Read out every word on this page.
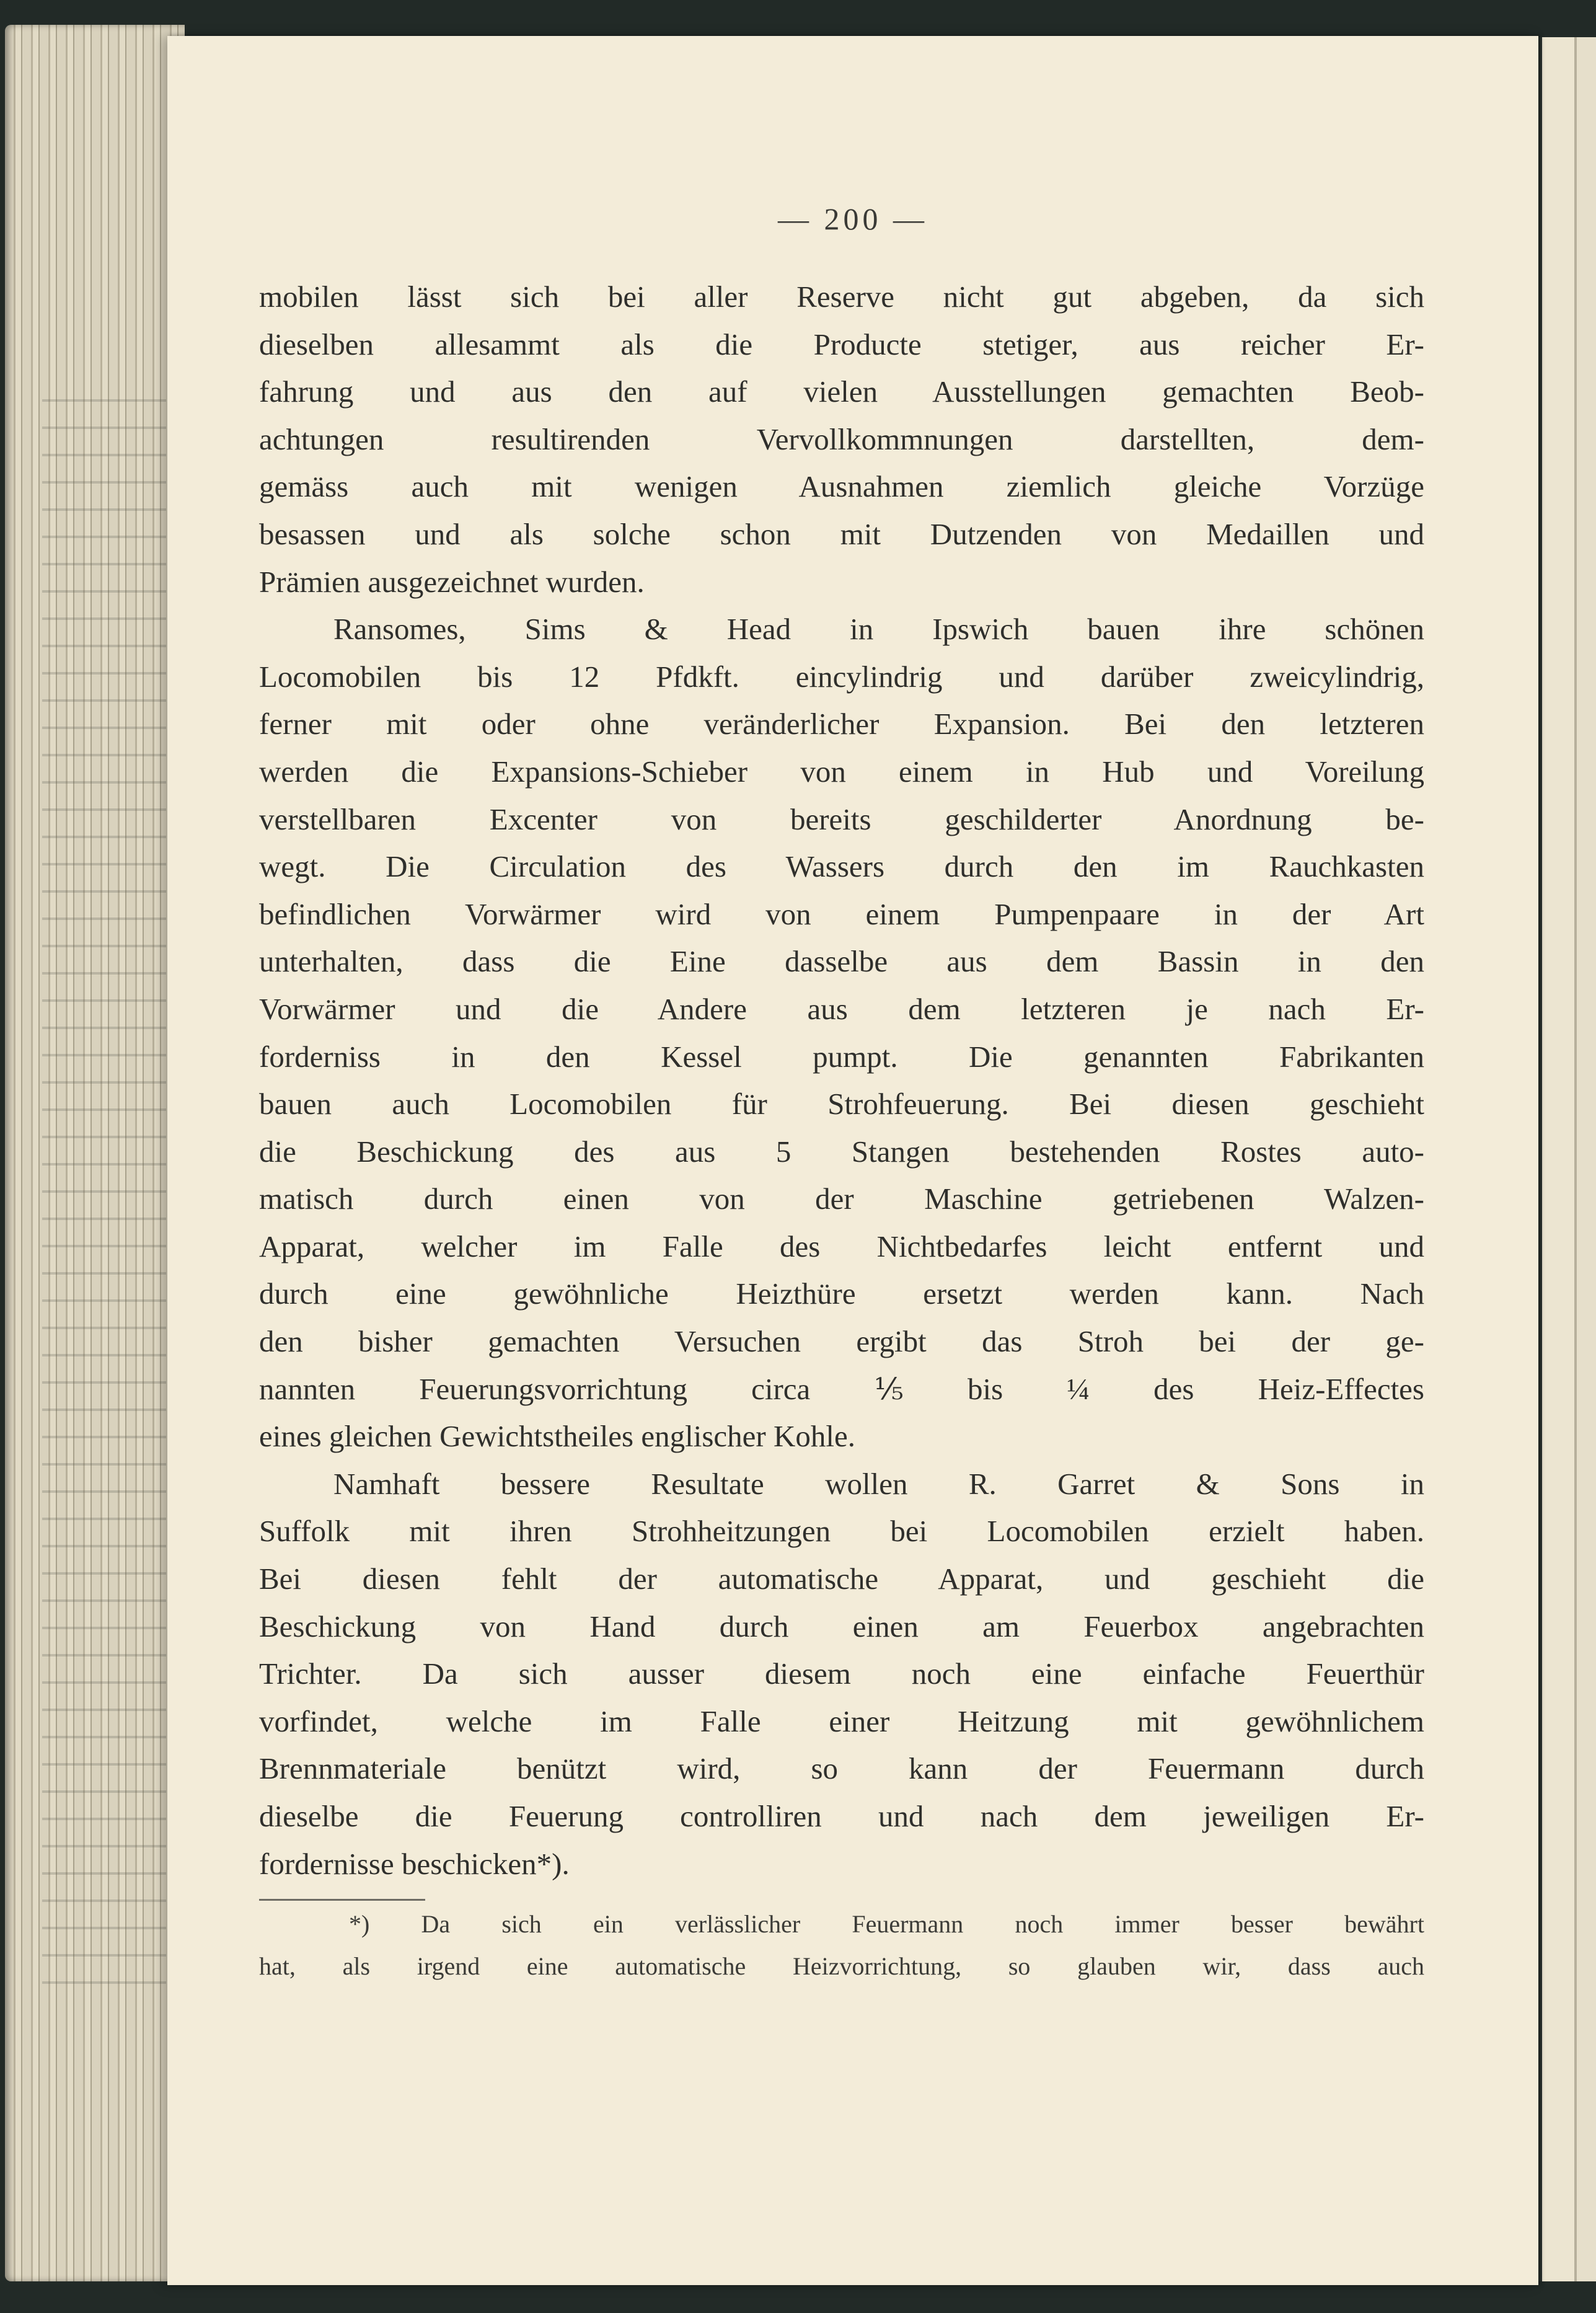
— 200 —
mobilen lässt sich bei aller Reserve nicht gut abgeben, da sich
dieselben allesammt als die Producte stetiger, aus reicher Er-
fahrung und aus den auf vielen Ausstellungen gemachten Beob-
achtungen resultirenden Vervollkommnungen darstellten, dem-
gemäss auch mit wenigen Ausnahmen ziemlich gleiche Vorzüge
besassen und als solche schon mit Dutzenden von Medaillen und
Prämien ausgezeichnet wurden.
Ransomes, Sims & Head in Ipswich bauen ihre schönen
Locomobilen bis 12 Pfdkft. eincylindrig und darüber zweicylindrig,
ferner mit oder ohne veränderlicher Expansion. Bei den letzteren
werden die Expansions-Schieber von einem in Hub und Voreilung
verstellbaren Excenter von bereits geschilderter Anordnung be-
wegt. Die Circulation des Wassers durch den im Rauchkasten
befindlichen Vorwärmer wird von einem Pumpenpaare in der Art
unterhalten, dass die Eine dasselbe aus dem Bassin in den
Vorwärmer und die Andere aus dem letzteren je nach Er-
forderniss in den Kessel pumpt. Die genannten Fabrikanten
bauen auch Locomobilen für Strohfeuerung. Bei diesen geschieht
die Beschickung des aus 5 Stangen bestehenden Rostes auto-
matisch durch einen von der Maschine getriebenen Walzen-
Apparat, welcher im Falle des Nichtbedarfes leicht entfernt und
durch eine gewöhnliche Heizthüre ersetzt werden kann. Nach
den bisher gemachten Versuchen ergibt das Stroh bei der ge-
nannten Feuerungsvorrichtung circa ⅕ bis ¼ des Heiz-Effectes
eines gleichen Gewichtstheiles englischer Kohle.
Namhaft bessere Resultate wollen R. Garret & Sons in
Suffolk mit ihren Strohheitzungen bei Locomobilen erzielt haben.
Bei diesen fehlt der automatische Apparat, und geschieht die
Beschickung von Hand durch einen am Feuerbox angebrachten
Trichter. Da sich ausser diesem noch eine einfache Feuerthür
vorfindet, welche im Falle einer Heitzung mit gewöhnlichem
Brennmateriale benützt wird, so kann der Feuermann durch
dieselbe die Feuerung controlliren und nach dem jeweiligen Er-
fordernisse beschicken*).
*) Da sich ein verlässlicher Feuermann noch immer besser bewährt
hat, als irgend eine automatische Heizvorrichtung, so glauben wir, dass auch
